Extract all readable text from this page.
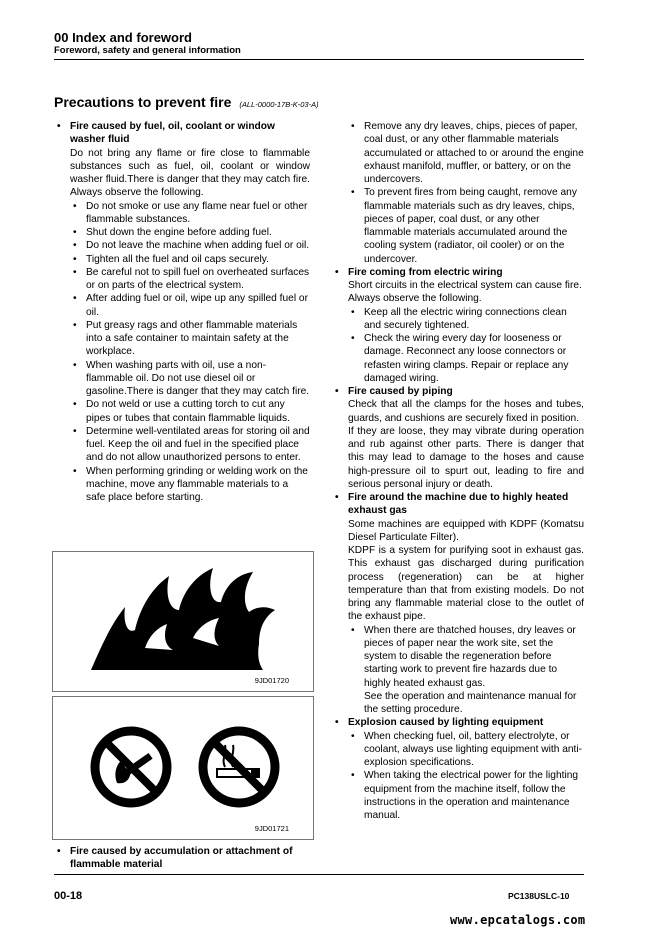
00 Index and foreword
Foreword, safety and general information
Precautions to prevent fire (ALL-0000-17B-K-03-A)

• Fire caused by fuel, oil, coolant or window washer fluid

Do not bring any flame or fire close to flammable substances such as fuel, oil, coolant or window washer fluid.There is danger that they may catch fire. Always observe the following.

• Do not smoke or use any flame near fuel or other flammable substances.

• Shut down the engine before adding fuel.

• Do not leave the machine when adding fuel or oil.

• Tighten all the fuel and oil caps securely.

• Be careful not to spill fuel on overheated surfaces or on parts of the electrical system.

• After adding fuel or oil, wipe up any spilled fuel or oil.

• Put greasy rags and other flammable materials into a safe container to maintain safety at the workplace.

• When washing parts with oil, use a non-flammable oil. Do not use diesel oil or gasoline.There is danger that they may catch fire.

• Do not weld or use a cutting torch to cut any pipes or tubes that contain flammable liquids.

• Determine well-ventilated areas for storing oil and fuel. Keep the oil and fuel in the specified place and do not allow unauthorized persons to enter.

• When performing grinding or welding work on the machine, move any flammable materials to a safe place before starting.

9JD01720
9JD01721

• Fire caused by accumulation or attachment of flammable material

• Remove any dry leaves, chips, pieces of paper, coal dust, or any other flammable materials accumulated or attached to or around the engine exhaust manifold, muffler, or battery, or on the undercovers.

• To prevent fires from being caught, remove any flammable materials such as dry leaves, chips, pieces of paper, coal dust, or any other flammable materials accumulated around the cooling system (radiator, oil cooler) or on the undercover.

• Fire coming from electric wiring

Short circuits in the electrical system can cause fire. Always observe the following.

• Keep all the electric wiring connections clean and securely tightened.

• Check the wiring every day for looseness or damage. Reconnect any loose connectors or refasten wiring clamps. Repair or replace any damaged wiring.

• Fire caused by piping

Check that all the clamps for the hoses and tubes, guards, and cushions are securely fixed in position.

If they are loose, they may vibrate during operation and rub against other parts. There is danger that this may lead to damage to the hoses and cause high-pressure oil to spurt out, leading to fire and serious personal injury or death.

• Fire around the machine due to highly heated exhaust gas

Some machines are equipped with KDPF (Komatsu Diesel Particulate Filter).

KDPF is a system for purifying soot in exhaust gas. This exhaust gas discharged during purification process (regeneration) can be at higher temperature than that from existing models. Do not bring any flammable material close to the outlet of the exhaust pipe.

• When there are thatched houses, dry leaves or pieces of paper near the work site, set the system to disable the regeneration before starting work to prevent fire hazards due to highly heated exhaust gas.

See the operation and maintenance manual for the setting procedure.

• Explosion caused by lighting equipment

• When checking fuel, oil, battery electrolyte, or coolant, always use lighting equipment with anti-explosion specifications.

• When taking the electrical power for the lighting equipment from the machine itself, follow the instructions in the operation and maintenance manual.

00-18	PC138USLC-10
www.epcatalogs.com
